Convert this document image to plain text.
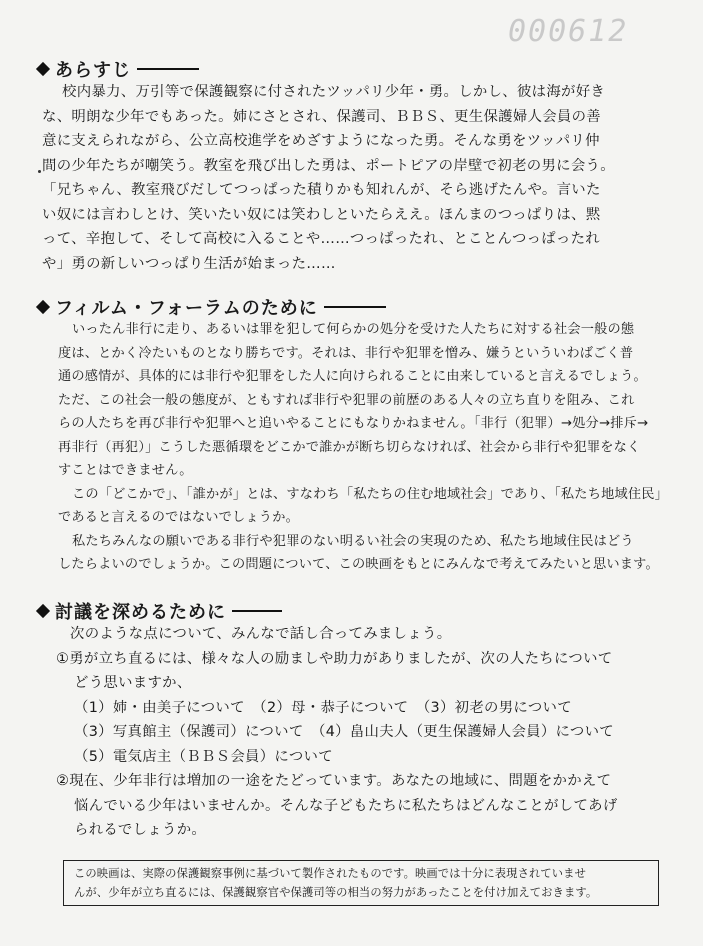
000612
あらすじ
校内暴力、万引等で保護観察に付されたツッパリ少年・勇。しかし、彼は海が好き
な、明朗な少年でもあった。姉にさとされ、保護司、ＢＢＳ、更生保護婦人会員の善
意に支えられながら、公立高校進学をめざすようになった勇。そんな勇をツッパリ仲
間の少年たちが嘲笑う。教室を飛び出した勇は、ポートピアの岸壁で初老の男に会う。
「兄ちゃん、教室飛びだしてつっぱった積りかも知れんが、そら逃げたんや。言いた
い奴には言わしとけ、笑いたい奴には笑わしといたらええ。ほんまのつっぱりは、黙
って、辛抱して、そして高校に入ることや……つっぱったれ、とことんつっぱったれ
や」勇の新しいつっぱり生活が始まった……
フィルム・フォーラムのために
いったん非行に走り、あるいは罪を犯して何らかの処分を受けた人たちに対する社会一般の態
度は、とかく冷たいものとなり勝ちです。それは、非行や犯罪を憎み、嫌うといういわばごく普
通の感情が、具体的には非行や犯罪をした人に向けられることに由来していると言えるでしょう。
ただ、この社会一般の態度が、ともすれば非行や犯罪の前歴のある人々の立ち直りを阻み、これ
らの人たちを再び非行や犯罪へと追いやることにもなりかねません。「非行（犯罪）→処分→排斥→
再非行（再犯）」こうした悪循環をどこかで誰かが断ち切らなければ、社会から非行や犯罪をなく
すことはできません。
この「どこかで」、「誰かが」とは、すなわち「私たちの住む地域社会」であり、「私たち地域住民」
であると言えるのではないでしょうか。
私たちみんなの願いである非行や犯罪のない明るい社会の実現のため、私たち地域住民はどう
したらよいのでしょうか。この問題について、この映画をもとにみんなで考えてみたいと思います。
討議を深めるために
次のような点について、みんなで話し合ってみましょう。
①勇が立ち直るには、様々な人の励ましや助力がありましたが、次の人たちについて
どう思いますか、
（1）姉・由美子について　（2）母・恭子について　（3）初老の男について
（3）写真館主（保護司）について　（4）畠山夫人（更生保護婦人会員）について
（5）電気店主（ＢＢＳ会員）について
②現在、少年非行は増加の一途をたどっています。あなたの地域に、問題をかかえて
悩んでいる少年はいませんか。そんな子どもたちに私たちはどんなことがしてあげ
られるでしょうか。
この映画は、実際の保護観察事例に基づいて製作されたものです。映画では十分に表現されていませ
んが、少年が立ち直るには、保護観察官や保護司等の相当の努力があったことを付け加えておきます。
